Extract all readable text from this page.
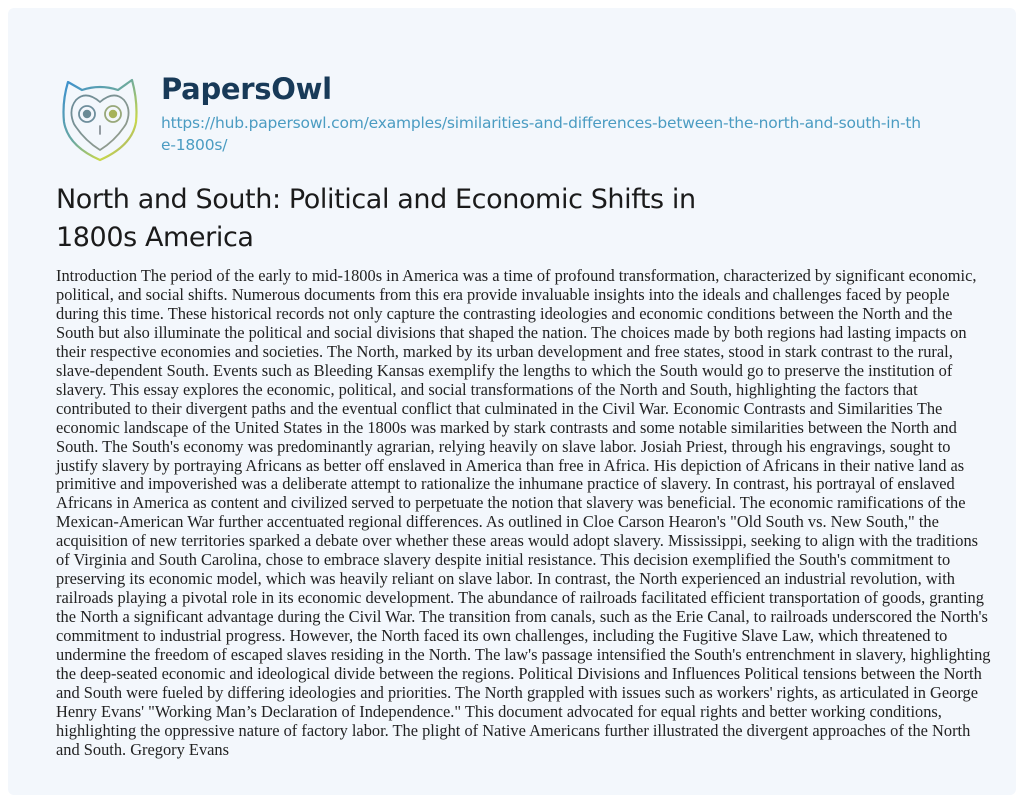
PapersOwl
https://hub.papersowl.com/examples/similarities-and-differences-between-the-north-and-south-in-the-1800s/
North and South: Political and Economic Shifts in 1800s America

Introduction The period of the early to mid-1800s in America was a time of profound transformation, characterized by significant economic, political, and social shifts. Numerous documents from this era provide invaluable insights into the ideals and challenges faced by people during this time. These historical records not only capture the contrasting ideologies and economic conditions between the North and the South but also illuminate the political and social divisions that shaped the nation. The choices made by both regions had lasting impacts on their respective economies and societies. The North, marked by its urban development and free states, stood in stark contrast to the rural, slave-dependent South. Events such as Bleeding Kansas exemplify the lengths to which the South would go to preserve the institution of slavery. This essay explores the economic, political, and social transformations of the North and South, highlighting the factors that contributed to their divergent paths and the eventual conflict that culminated in the Civil War. Economic Contrasts and Similarities The economic landscape of the United States in the 1800s was marked by stark contrasts and some notable similarities between the North and South. The South's economy was predominantly agrarian, relying heavily on slave labor. Josiah Priest, through his engravings, sought to justify slavery by portraying Africans as better off enslaved in America than free in Africa. His depiction of Africans in their native land as primitive and impoverished was a deliberate attempt to rationalize the inhumane practice of slavery. In contrast, his portrayal of enslaved Africans in America as content and civilized served to perpetuate the notion that slavery was beneficial. The economic ramifications of the Mexican-American War further accentuated regional differences. As outlined in Cloe Carson Hearon's "Old South vs. New South," the acquisition of new territories sparked a debate over whether these areas would adopt slavery. Mississippi, seeking to align with the traditions of Virginia and South Carolina, chose to embrace slavery despite initial resistance. This decision exemplified the South's commitment to preserving its economic model, which was heavily reliant on slave labor. In contrast, the North experienced an industrial revolution, with railroads playing a pivotal role in its economic development. The abundance of railroads facilitated efficient transportation of goods, granting the North a significant advantage during the Civil War. The transition from canals, such as the Erie Canal, to railroads underscored the North's commitment to industrial progress. However, the North faced its own challenges, including the Fugitive Slave Law, which threatened to undermine the freedom of escaped slaves residing in the North. The law's passage intensified the South's entrenchment in slavery, highlighting the deep-seated economic and ideological divide between the regions. Political Divisions and Influences Political tensions between the North and South were fueled by differing ideologies and priorities. The North grappled with issues such as workers' rights, as articulated in George Henry Evans' "Working Man’s Declaration of Independence." This document advocated for equal rights and better working conditions, highlighting the oppressive nature of factory labor. The plight of Native Americans further illustrated the divergent approaches of the North and South. Gregory Evans
